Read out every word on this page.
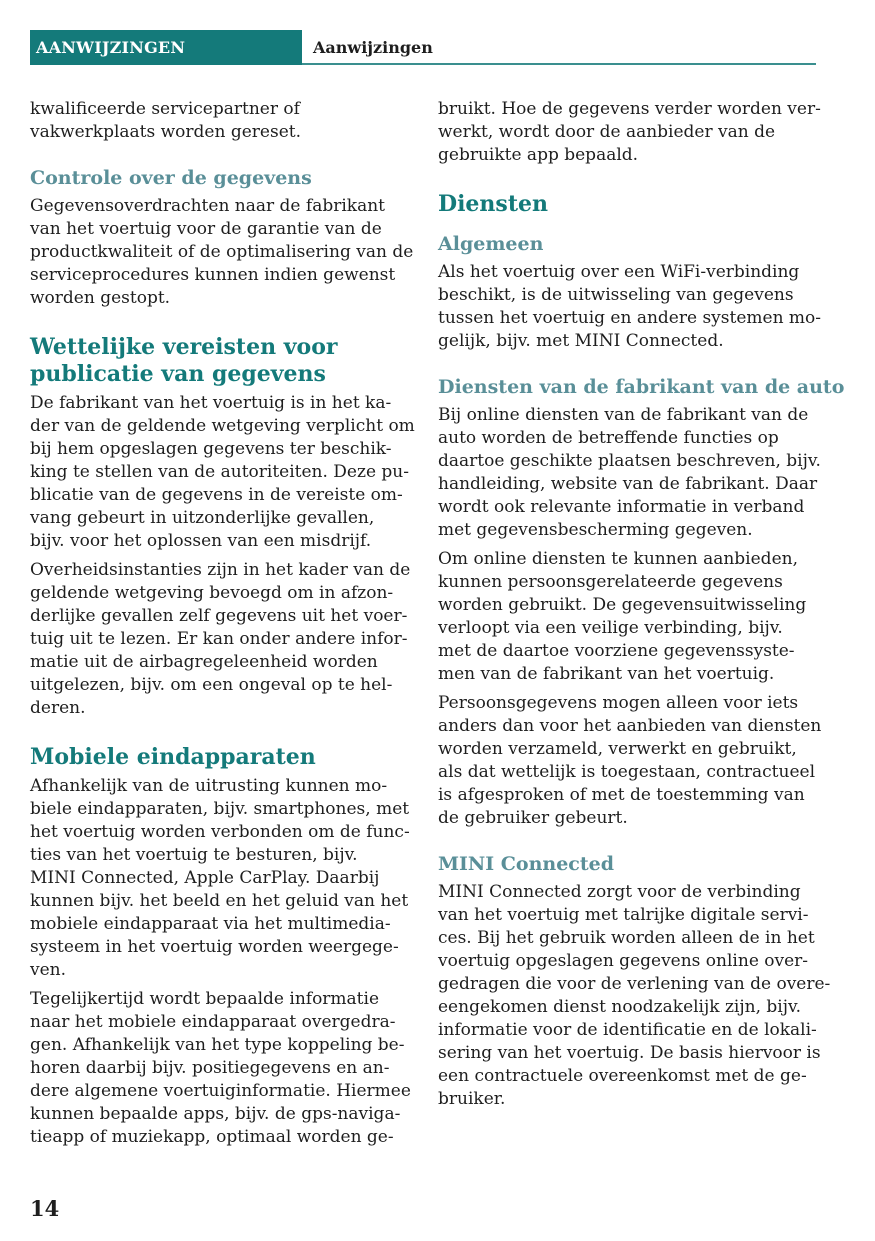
AANWIJZINGEN	Aanwijzingen
kwalificeerde servicepartner of
vakwerkplaats worden gereset.
Controle over de gegevens
Gegevensoverdrachten naar de fabrikant
van het voertuig voor de garantie van de
productkwaliteit of de optimalisering van de
serviceprocedures kunnen indien gewenst
worden gestopt.
Wettelijke vereisten voor
publicatie van gegevens
De fabrikant van het voertuig is in het ka-
der van de geldende wetgeving verplicht om
bij hem opgeslagen gegevens ter beschik-
king te stellen van de autoriteiten. Deze pu-
blicatie van de gegevens in de vereiste om-
vang gebeurt in uitzonderlijke gevallen,
bijv. voor het oplossen van een misdrijf.
Overheidsinstanties zijn in het kader van de
geldende wetgeving bevoegd om in afzon-
derlijke gevallen zelf gegevens uit het voer-
tuig uit te lezen. Er kan onder andere infor-
matie uit de airbagregeleenheid worden
uitgelezen, bijv. om een ongeval op te hel-
deren.
Mobiele eindapparaten
Afhankelijk van de uitrusting kunnen mo-
biele eindapparaten, bijv. smartphones, met
het voertuig worden verbonden om de func-
ties van het voertuig te besturen, bijv.
MINI Connected, Apple CarPlay. Daarbij
kunnen bijv. het beeld en het geluid van het
mobiele eindapparaat via het multimedia-
systeem in het voertuig worden weergege-
ven.
Tegelijkertijd wordt bepaalde informatie
naar het mobiele eindapparaat overgedra-
gen. Afhankelijk van het type koppeling be-
horen daarbij bijv. positiegegevens en an-
dere algemene voertuiginformatie. Hiermee
kunnen bepaalde apps, bijv. de gps-naviga-
tieapp of muziekapp, optimaal worden ge-
bruikt. Hoe de gegevens verder worden ver-
werkt, wordt door de aanbieder van de
gebruikte app bepaald.
Diensten
Algemeen
Als het voertuig over een WiFi-verbinding
beschikt, is de uitwisseling van gegevens
tussen het voertuig en andere systemen mo-
gelijk, bijv. met MINI Connected.
Diensten van de fabrikant van de auto
Bij online diensten van de fabrikant van de
auto worden de betreffende functies op
daartoe geschikte plaatsen beschreven, bijv.
handleiding, website van de fabrikant. Daar
wordt ook relevante informatie in verband
met gegevensbescherming gegeven.
Om online diensten te kunnen aanbieden,
kunnen persoonsgerelateerde gegevens
worden gebruikt. De gegevensuitwisseling
verloopt via een veilige verbinding, bijv.
met de daartoe voorziene gegevenssyste-
men van de fabrikant van het voertuig.
Persoonsgegevens mogen alleen voor iets
anders dan voor het aanbieden van diensten
worden verzameld, verwerkt en gebruikt,
als dat wettelijk is toegestaan, contractueel
is afgesproken of met de toestemming van
de gebruiker gebeurt.
MINI Connected
MINI Connected zorgt voor de verbinding
van het voertuig met talrijke digitale servi-
ces. Bij het gebruik worden alleen de in het
voertuig opgeslagen gegevens online over-
gedragen die voor de verlening van de overe-
eengekomen dienst noodzakelijk zijn, bijv.
informatie voor de identificatie en de lokali-
sering van het voertuig. De basis hiervoor is
een contractuele overeenkomst met de ge-
bruiker.
14
